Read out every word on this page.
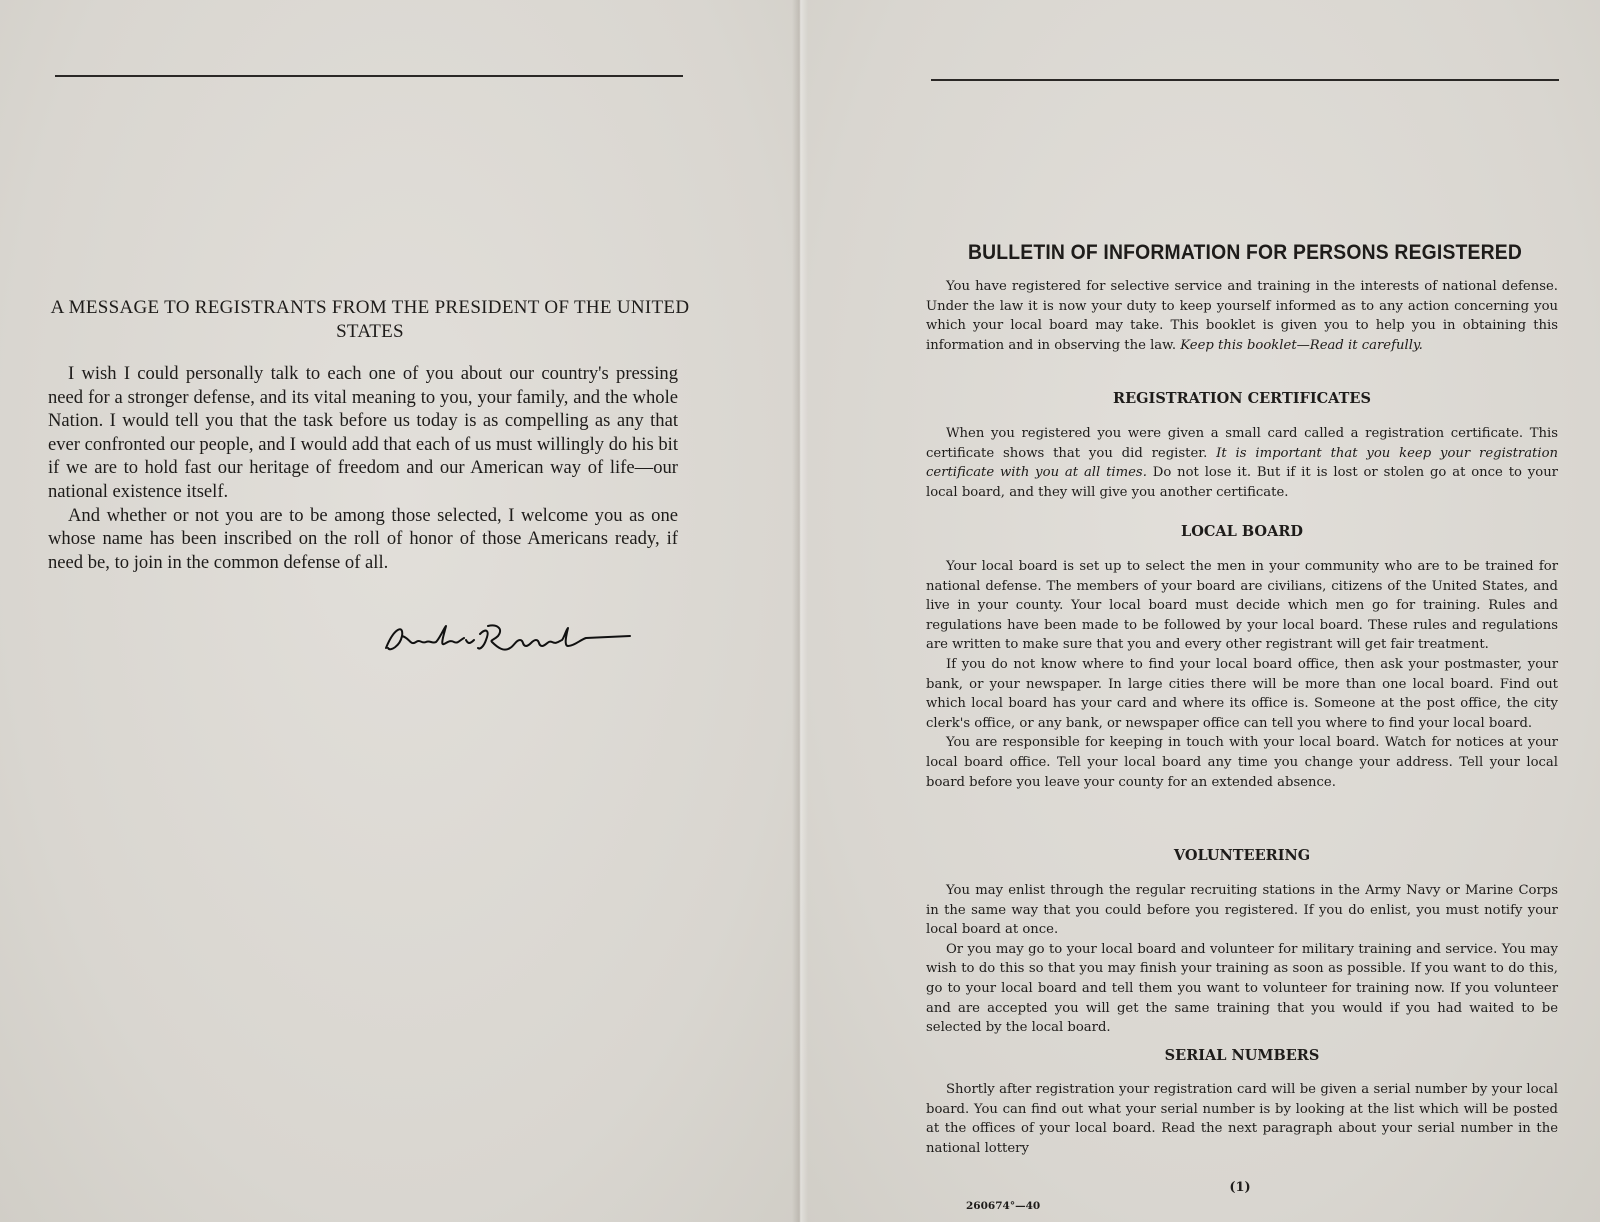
A MESSAGE TO REGISTRANTS FROM THE PRESIDENT OF THE UNITED STATES

I wish I could personally talk to each one of you about our country's pressing need for a stronger defense, and its vital meaning to you, your family, and the whole Nation. I would tell you that the task before us today is as compelling as any that ever confronted our people, and I would add that each of us must willingly do his bit if we are to hold fast our heritage of freedom and our American way of life—our national existence itself.

And whether or not you are to be among those selected, I welcome you as one whose name has been inscribed on the roll of honor of those Americans ready, if need be, to join in the common defense of all.

BULLETIN OF INFORMATION FOR PERSONS REGISTERED

You have registered for selective service and training in the interests of national defense. Under the law it is now your duty to keep yourself informed as to any action concerning you which your local board may take. This booklet is given you to help you in obtaining this information and in observing the law. Keep this booklet—Read it carefully.

REGISTRATION CERTIFICATES

When you registered you were given a small card called a registration certificate. This certificate shows that you did register. It is important that you keep your registration certificate with you at all times. Do not lose it. But if it is lost or stolen go at once to your local board, and they will give you another certificate.

LOCAL BOARD

Your local board is set up to select the men in your community who are to be trained for national defense. The members of your board are civilians, citizens of the United States, and live in your county. Your local board must decide which men go for training. Rules and regulations have been made to be followed by your local board. These rules and regulations are written to make sure that you and every other registrant will get fair treatment.

If you do not know where to find your local board office, then ask your postmaster, your bank, or your newspaper. In large cities there will be more than one local board. Find out which local board has your card and where its office is. Someone at the post office, the city clerk's office, or any bank, or newspaper office can tell you where to find your local board.

You are responsible for keeping in touch with your local board. Watch for notices at your local board office. Tell your local board any time you change your address. Tell your local board before you leave your county for an extended absence.

VOLUNTEERING

You may enlist through the regular recruiting stations in the Army Navy or Marine Corps in the same way that you could before you registered. If you do enlist, you must notify your local board at once.

Or you may go to your local board and volunteer for military training and service. You may wish to do this so that you may finish your training as soon as possible. If you want to do this, go to your local board and tell them you want to volunteer for training now. If you volunteer and are accepted you will get the same training that you would if you had waited to be selected by the local board.

SERIAL NUMBERS

Shortly after registration your registration card will be given a serial number by your local board. You can find out what your serial number is by looking at the list which will be posted at the offices of your local board. Read the next paragraph about your serial number in the national lottery

(1)
260674°—40
